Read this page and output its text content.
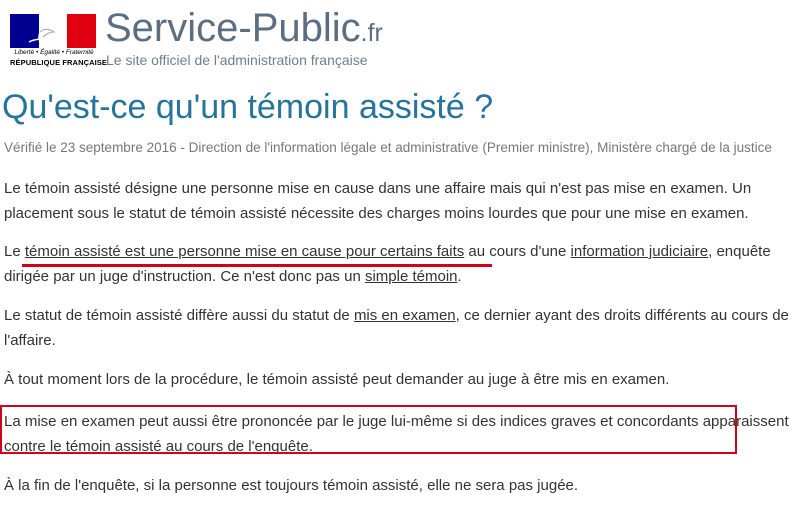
Liberté • Égalité • Fraternité
RÉPUBLIQUE FRANÇAISE
Service-Public.fr
Le site officiel de l'administration française
Qu'est-ce qu'un témoin assisté ?
Vérifié le 23 septembre 2016 - Direction de l'information légale et administrative (Premier ministre), Ministère chargé de la justice

Le témoin assisté désigne une personne mise en cause dans une affaire mais qui n'est pas mise en examen. Un placement sous le statut de témoin assisté nécessite des charges moins lourdes que pour une mise en examen.

Le témoin assisté est une personne mise en cause pour certains faits au cours d'une information judiciaire, enquête dirigée par un juge d'instruction. Ce n'est donc pas un simple témoin.

Le statut de témoin assisté diffère aussi du statut de mis en examen, ce dernier ayant des droits différents au cours de l'affaire.

À tout moment lors de la procédure, le témoin assisté peut demander au juge à être mis en examen.

La mise en examen peut aussi être prononcée par le juge lui-même si des indices graves et concordants apparaissent contre le témoin assisté au cours de l'enquête.

À la fin de l'enquête, si la personne est toujours témoin assisté, elle ne sera pas jugée.
